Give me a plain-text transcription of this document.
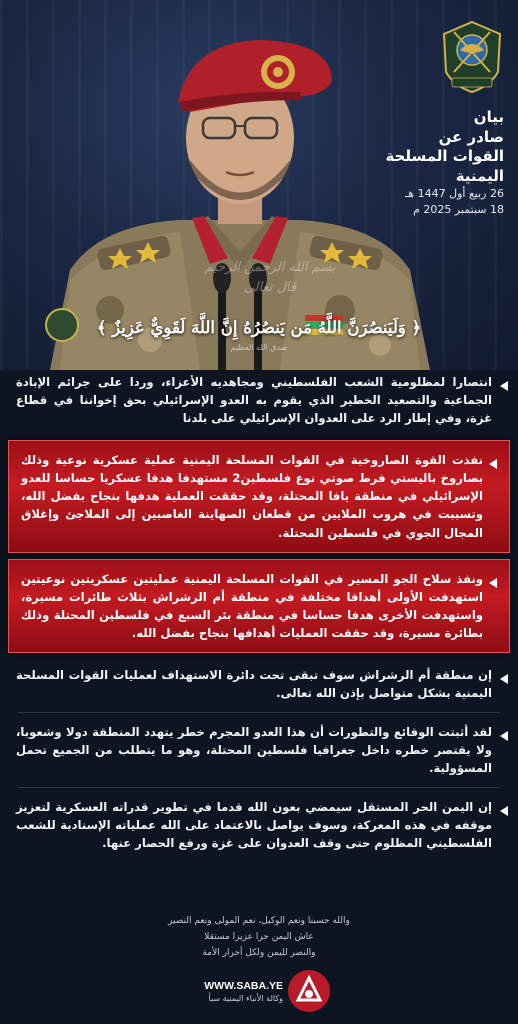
بيان
صادر عن
القوات المسلحة
اليمنية
26 ربيع أول 1447 هـ
18 سبتمبر 2025 م
بسم الله الرحمن الرحيم
قال تعالى
﴿ وَلَيَنصُرَنَّ اللَّهُ مَن يَنصُرُهُ إِنَّ اللَّهَ لَقَوِيٌّ عَزِيزٌ ﴾
صدق الله العظيم
انتصارا لمظلومية الشعب الفلسطيني ومجاهديه الأعزاء، وردا على جرائم الإبادة الجماعية والتصعيد الخطير الذي يقوم به العدو الإسرائيلي بحق إخواننا في قطاع غزة، وفي إطار الرد على العدوان الإسرائيلي على بلدنا
نفذت القوة الصاروخية في القوات المسلحة اليمنية عملية عسكرية نوعية وذلك بصاروخ باليستي فرط صوتي نوع فلسطين2 مستهدفا هدفا عسكريا حساسا للعدو الإسرائيلي في منطقة يافا المحتلة، وقد حققت العملية هدفها بنجاح بفضل الله، وتسببت في هروب الملايين من قطعان الصهاينة الغاصبين إلى الملاجئ وإغلاق المجال الجوي في فلسطين المحتلة.
ونفذ سلاح الجو المسير في القوات المسلحة اليمنية عمليتين عسكريتين نوعيتين استهدفت الأولى أهدافا مختلفة في منطقة أم الرشراش بثلاث طائرات مسيرة، واستهدفت الأخرى هدفا حساسا في منطقة بئر السبع في فلسطين المحتلة وذلك بطائرة مسيرة، وقد حققت العمليات أهدافها بنجاح بفضل الله.
إن منطقة أم الرشراش سوف تبقى تحت دائرة الاستهداف لعمليات القوات المسلحة اليمنية بشكل متواصل بإذن الله تعالى.
لقد أثبتت الوقائع والتطورات أن هذا العدو المجرم خطر يتهدد المنطقة دولا وشعوبا، ولا يقتصر خطره داخل جغرافيا فلسطين المحتلة، وهو ما يتطلب من الجميع تحمل المسؤولية.
إن اليمن الحر المستقل سيمضي بعون الله قدما في تطوير قدراته العسكرية لتعزيز موقفه في هذه المعركة، وسوف يواصل بالاعتماد على الله عملياته الإسنادية للشعب الفلسطيني المظلوم حتى وقف العدوان على غزة ورفع الحصار عنها.
والله حسبنا ونعم الوكيل، نعم المولى ونعم النصير
عاش اليمن حرا عزيزا مستقلا
والنصر لليمن ولكل أحرار الأمة
WWW.SABA.YE
وكالة الأنباء اليمنية سبأ
